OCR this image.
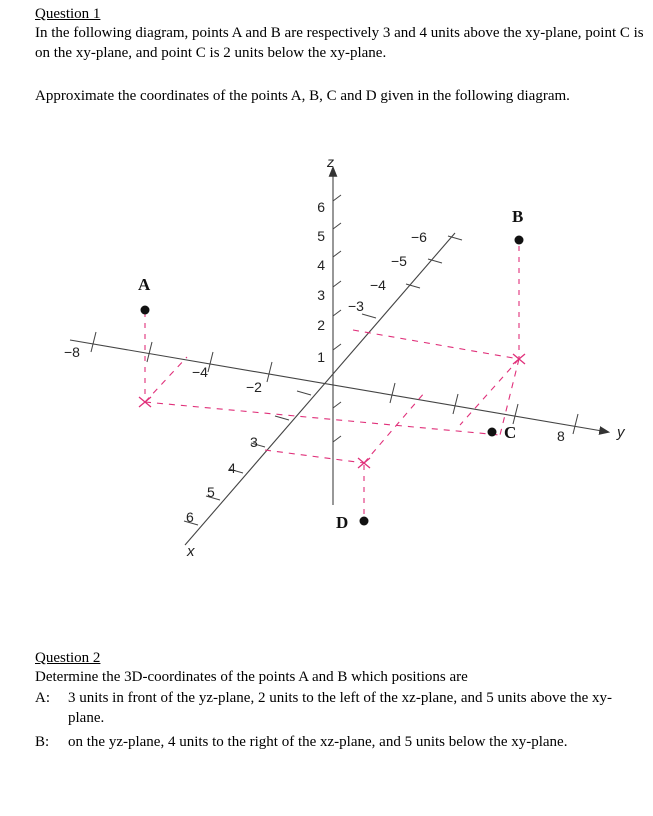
Question 1

In the following diagram, points A and B are respectively 3 and 4 units above the xy-plane, point C is on the xy-plane, and point C is 2 units below the xy-plane.

Approximate the coordinates of the points A, B, C and D given in the following diagram.

z
y
x
6
5
4
3
2
1
−8
−4
−2
3
4
5
6
−6
−5
−4
−3
8
A
B
C
D

Question 2

Determine the 3D-coordinates of the points A and B which positions are

A: 3 units in front of the yz-plane, 2 units to the left of the xz-plane, and 5 units above the xy-plane.
B: on the yz-plane, 4 units to the right of the xz-plane, and 5 units below the xy-plane.
